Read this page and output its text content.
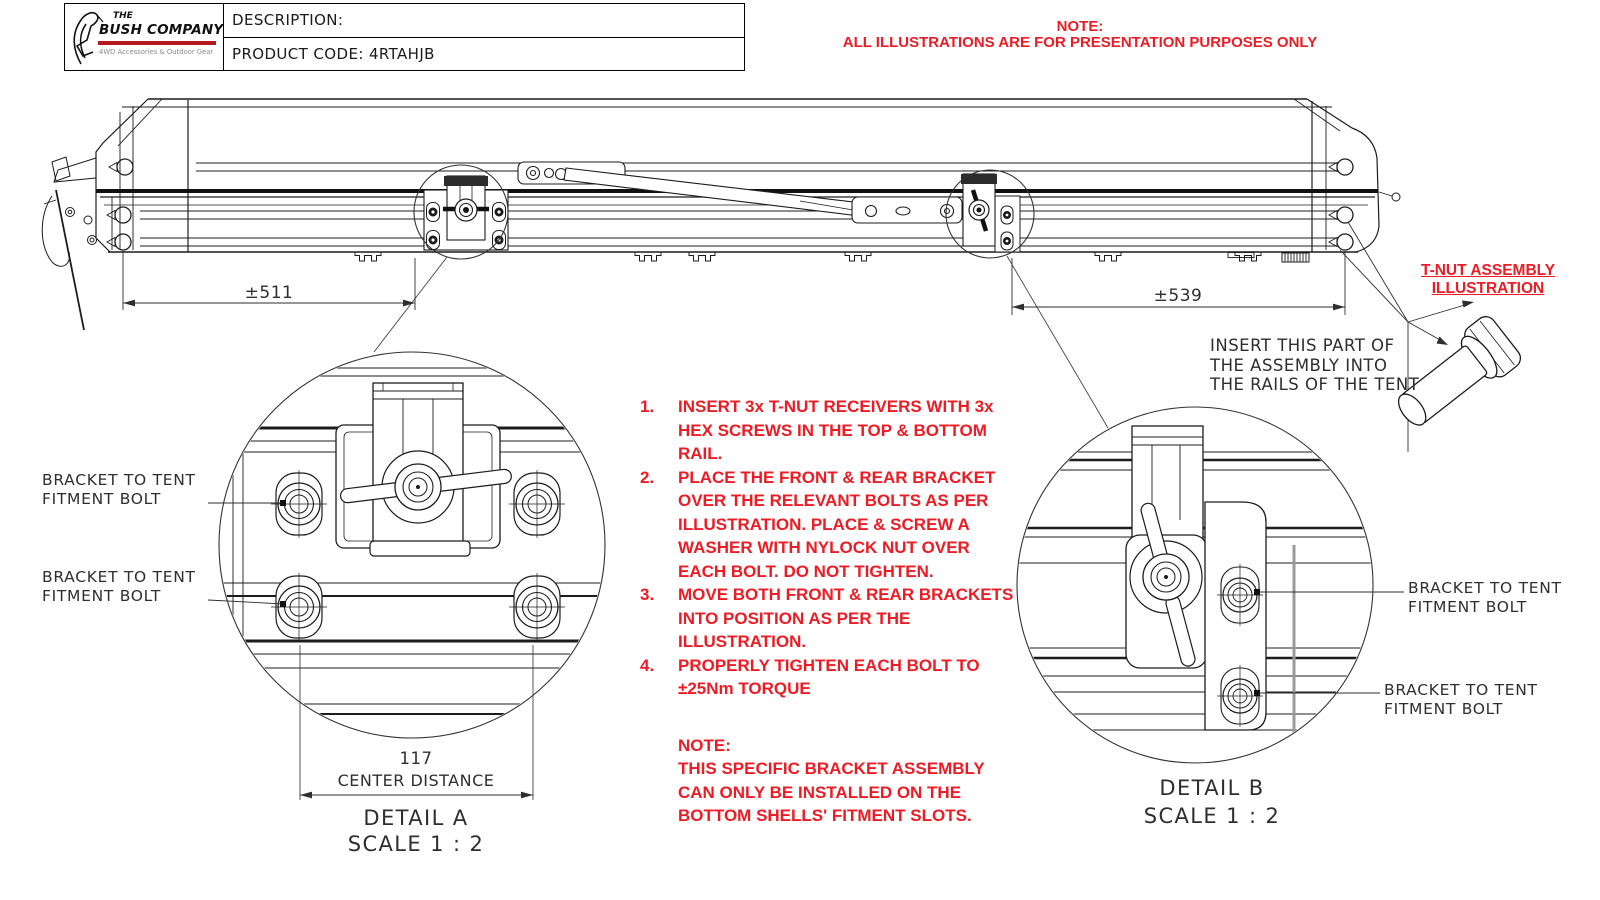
THE
BUSH COMPANY
4WD Accessories & Outdoor Gear
DESCRIPTION:
PRODUCT CODE: 4RTAHJB
NOTE:
ALL ILLUSTRATIONS ARE FOR PRESENTATION PURPOSES ONLY
±511	±539
BRACKET TO TENT
FITMENT BOLT
BRACKET TO TENT
FITMENT BOLT
117
CENTER DISTANCE
DETAIL A
SCALE 1 : 2
BRACKET TO TENT
FITMENT BOLT
BRACKET TO TENT
FITMENT BOLT
DETAIL B
SCALE 1 : 2
T-NUT ASSEMBLY
ILLUSTRATION
INSERT THIS PART OF
THE ASSEMBLY INTO
THE RAILS OF THE TENT
1.	INSERT 3x T-NUT RECEIVERS WITH 3x HEX SCREWS IN THE TOP & BOTTOM RAIL.
2.	PLACE THE FRONT & REAR BRACKET OVER THE RELEVANT BOLTS AS PER ILLUSTRATION. PLACE & SCREW A WASHER WITH NYLOCK NUT OVER EACH BOLT. DO NOT TIGHTEN.
3.	MOVE BOTH FRONT & REAR BRACKETS INTO POSITION AS PER THE ILLUSTRATION.
4.	PROPERLY TIGHTEN EACH BOLT TO ±25Nm TORQUE
NOTE:
THIS SPECIFIC BRACKET ASSEMBLY CAN ONLY BE INSTALLED ON THE BOTTOM SHELLS' FITMENT SLOTS.
